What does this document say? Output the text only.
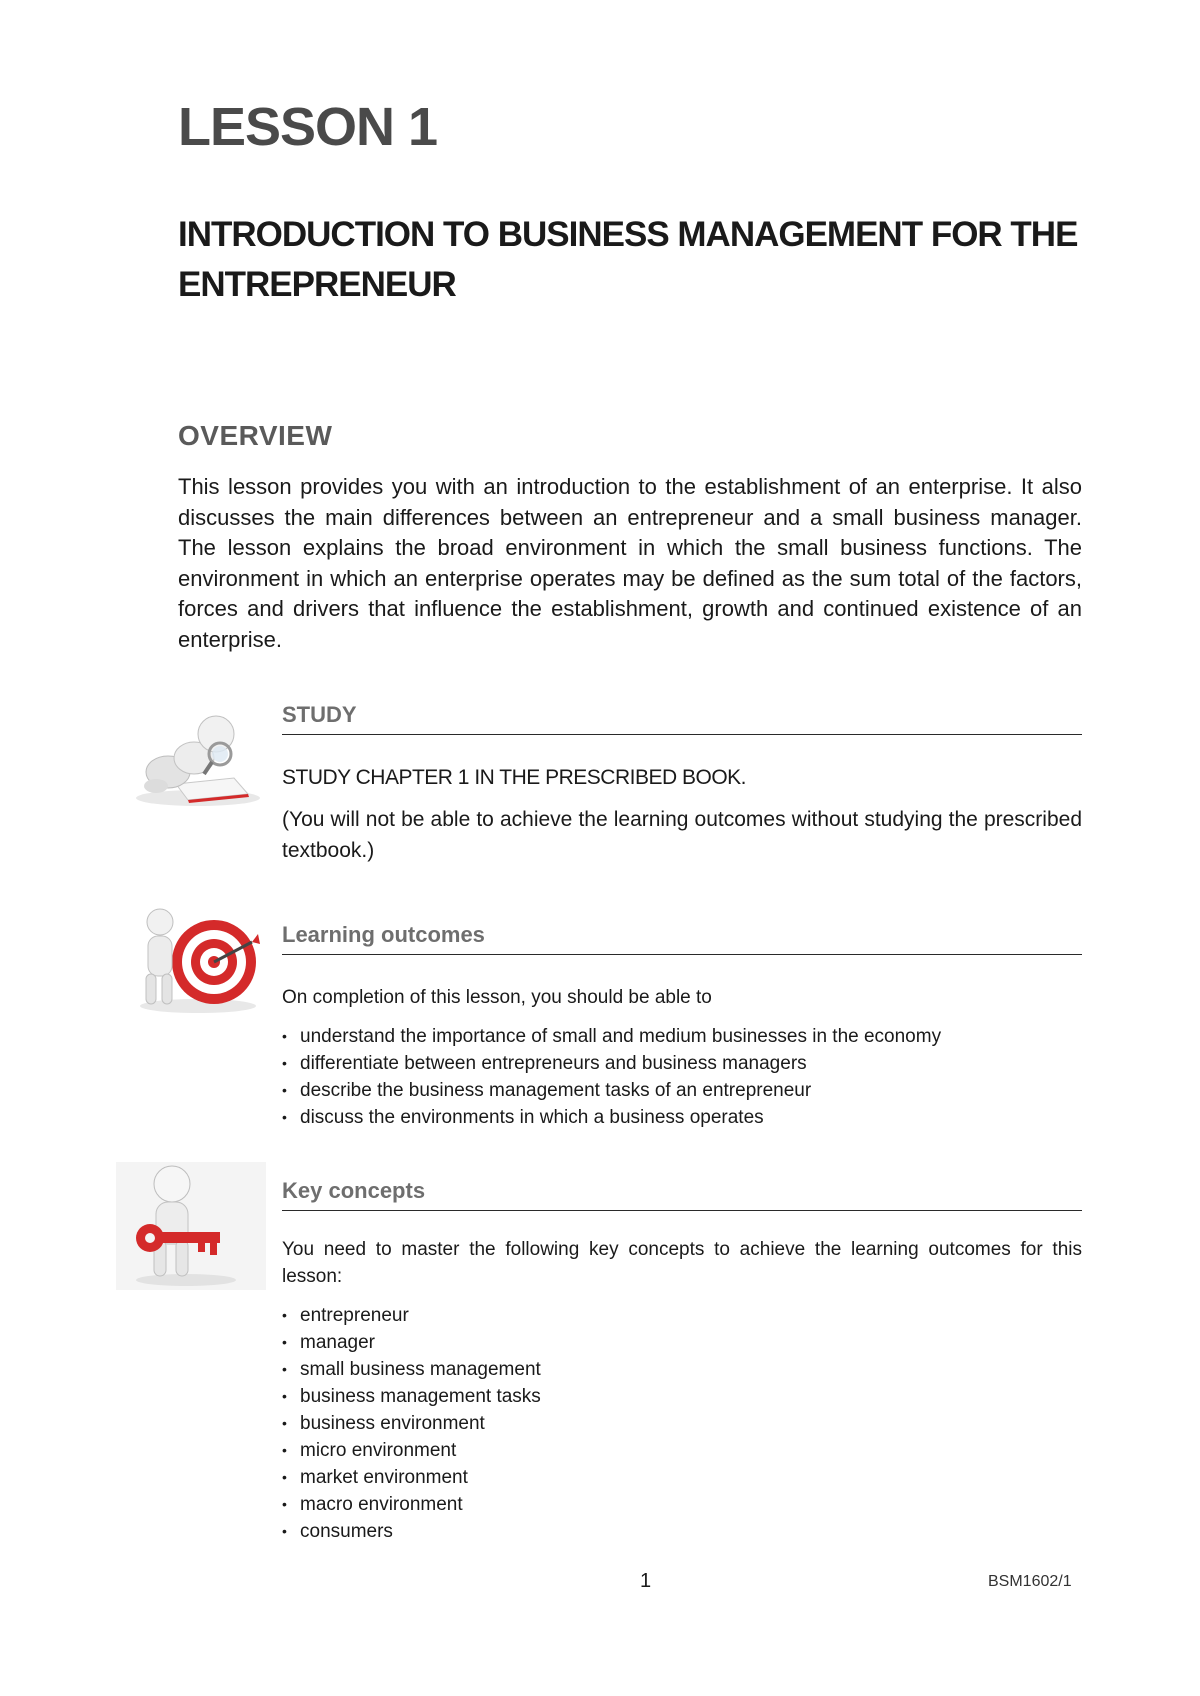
LESSON 1
INTRODUCTION TO BUSINESS MANAGEMENT FOR THE ENTREPRENEUR
OVERVIEW

This lesson provides you with an introduction to the establishment of an enterprise. It also discusses the main differences between an entrepreneur and a small business manager. The lesson explains the broad environment in which the small business functions. The environment in which an enterprise operates may be defined as the sum total of the factors, forces and drivers that influence the establishment, growth and continued existence of an enterprise.

STUDY

STUDY CHAPTER 1 IN THE PRESCRIBED BOOK.

(You will not be able to achieve the learning outcomes without studying the prescribed textbook.)

Learning outcomes

On completion of this lesson, you should be able to

• understand the importance of small and medium businesses in the economy
• differentiate between entrepreneurs and business managers
• describe the business management tasks of an entrepreneur
• discuss the environments in which a business operates
Key concepts

You need to master the following key concepts to achieve the learning outcomes for this lesson:

• entrepreneur
• manager
• small business management
• business management tasks
• business environment
• micro environment
• market environment
• macro environment
• consumers

1	BSM1602/1
